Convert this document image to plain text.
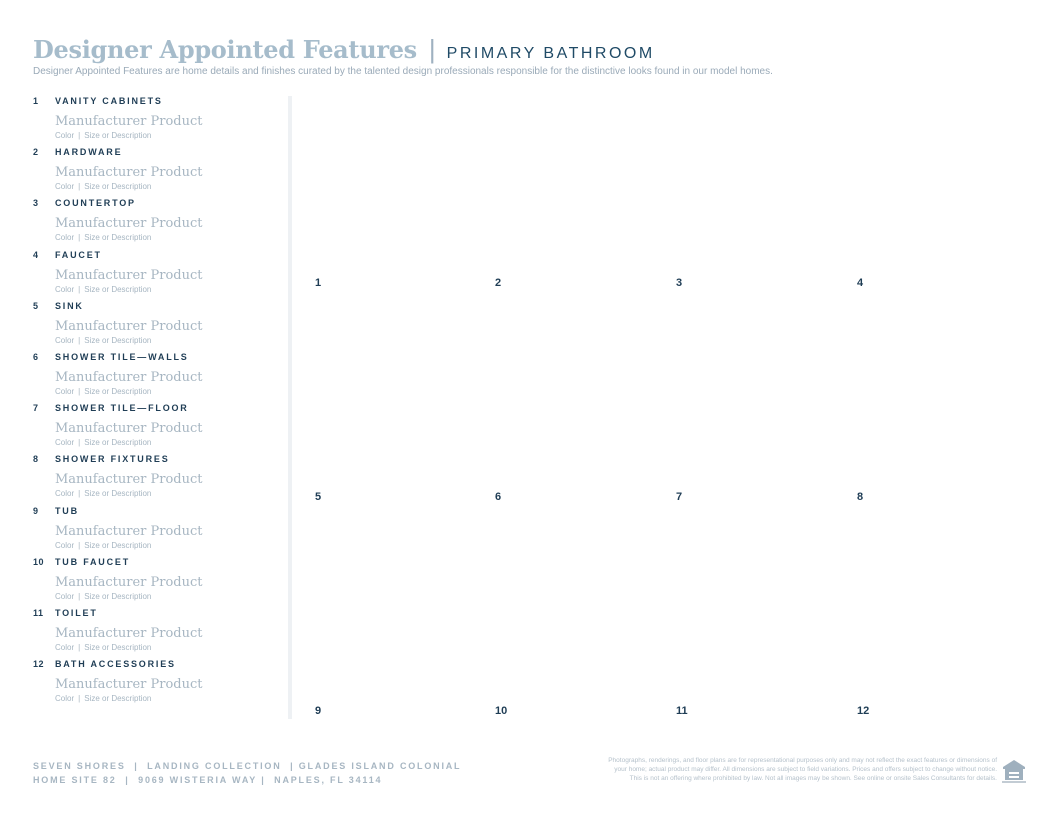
Designer Appointed Features | PRIMARY BATHROOM
Designer Appointed Features are home details and finishes curated by the talented design professionals responsible for the distinctive looks found in our model homes.
1	VANITY CABINETS
Manufacturer Product
Color | Size or Description
2	HARDWARE
Manufacturer Product
Color | Size or Description
3	COUNTERTOP
Manufacturer Product
Color | Size or Description
4	FAUCET
Manufacturer Product
Color | Size or Description
5	SINK
Manufacturer Product
Color | Size or Description
6	SHOWER TILE—WALLS
Manufacturer Product
Color | Size or Description
7	SHOWER TILE—FLOOR
Manufacturer Product
Color | Size or Description
8	SHOWER FIXTURES
Manufacturer Product
Color | Size or Description
9	TUB
Manufacturer Product
Color | Size or Description
10	TUB FAUCET
Manufacturer Product
Color | Size or Description
11	TOILET
Manufacturer Product
Color | Size or Description
12	BATH ACCESSORIES
Manufacturer Product
Color | Size or Description
1	2	3	4
5	6	7	8
9	10	11	12
SEVEN SHORES  |  LANDING COLLECTION  | GLADES ISLAND COLONIAL
HOME SITE 82  |  9069 WISTERIA WAY |  NAPLES, FL 34114
Photographs, renderings, and floor plans are for representational purposes only and may not reflect the exact features or dimensions of
your home; actual product may differ. All dimensions are subject to field variations. Prices and offers subject to change without notice.
This is not an offering where prohibited by law. Not all images may be shown. See online or onsite Sales Consultants for details.
